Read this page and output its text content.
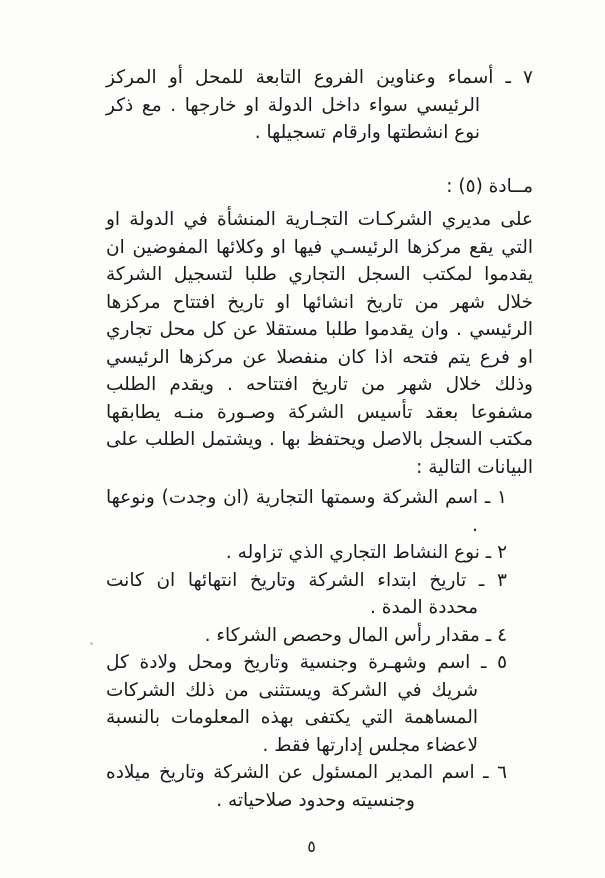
٧ ـ أسماء وعناوين الفروع التابعة للمحل أو المركز الرئيسي سواء داخل الدولة او خارجها . مع ذكر نوع انشطتها وارقام تسجيلها .

مــادة (٥) :

على مديري الشركـات التجـارية المنشأة في الدولة او التي يقع مركزها الرئيسـي فيها او وكلائها المفوضين ان يقدموا لمكتب السجل التجاري طلبا لتسجيل الشركة خلال شهر من تاريخ انشائها او تاريخ افتتاح مركزها الرئيسي . وان يقدموا طلبا مستقلا عن كل محل تجاري او فرع يتم فتحه اذا كان منفصلا عن مركزها الرئيسي وذلك خلال شهر من تاريخ افتتاحه . ويقدم الطلب مشفوعا بعقد تأسيس الشركة وصـورة منـه يطابقها مكتب السجل بالاصل ويحتفظ بها . ويشتمل الطلب على البيانات التالية :

١ ـ اسم الشركة وسمتها التجارية (ان وجدت) ونوعها .

٢ ـ نوع النشاط التجاري الذي تزاوله .

٣ ـ تاريخ ابتداء الشركة وتاريخ انتهائها ان كانت محددة المدة .

٤ ـ مقدار رأس المال وحصص الشركاء .

٥ ـ اسم وشهـرة وجنسية وتاريخ ومحل ولادة كل شريك في الشركة ويستثنى من ذلك الشركات المساهمة التي يكتفى بهذه المعلومات بالنسبة لاعضاء مجلس إدارتها فقط .

٦ ـ اسم المدير المسئول عن الشركة وتاريخ ميلاده وجنسيته وحدود صلاحياته .

٥
